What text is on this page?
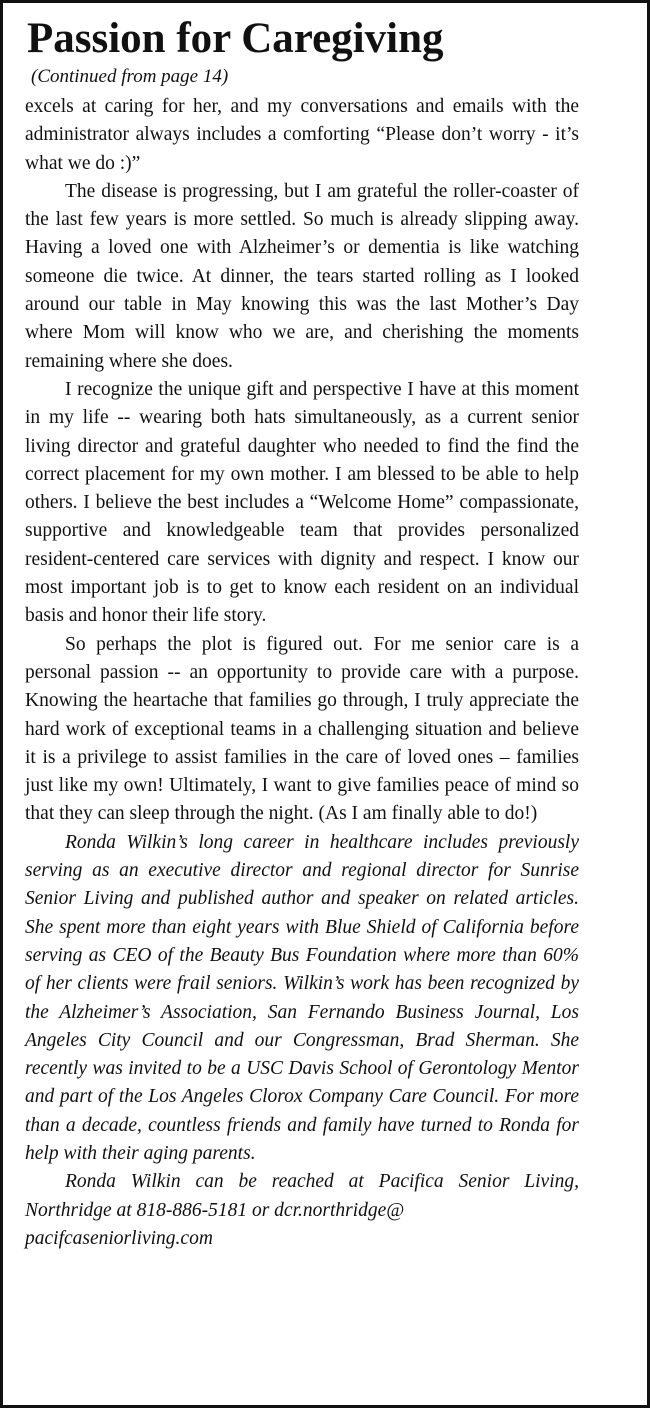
Passion for Caregiving
(Continued from page 14)

excels at caring for her, and my conversations and emails with the administrator always includes a comforting “Please don’t worry - it’s what we do :)”

The disease is progressing, but I am grateful the roller-coaster of the last few years is more settled. So much is already slipping away. Having a loved one with Alzheimer’s or dementia is like watching someone die twice. At dinner, the tears started rolling as I looked around our table in May knowing this was the last Mother’s Day where Mom will know who we are, and cherishing the moments remaining where she does.

I recognize the unique gift and perspective I have at this moment in my life -- wearing both hats simultaneously, as a current senior living director and grateful daughter who needed to find the find the correct placement for my own mother. I am blessed to be able to help others. I believe the best includes a “Welcome Home” compassionate, supportive and knowledgeable team that provides personalized resident-centered care services with dignity and respect. I know our most important job is to get to know each resident on an individual basis and honor their life story.

So perhaps the plot is figured out. For me senior care is a personal passion -- an opportunity to provide care with a purpose. Knowing the heartache that families go through, I truly appreciate the hard work of exceptional teams in a challenging situation and believe it is a privilege to assist families in the care of loved ones – families just like my own! Ultimately, I want to give families peace of mind so that they can sleep through the night. (As I am finally able to do!)

Ronda Wilkin’s long career in healthcare includes previously serving as an executive director and regional director for Sunrise Senior Living and published author and speaker on related articles. She spent more than eight years with Blue Shield of California before serving as CEO of the Beauty Bus Foundation where more than 60% of her clients were frail seniors. Wilkin’s work has been recognized by the Alzheimer’s Association, San Fernando Business Journal, Los Angeles City Council and our Congressman, Brad Sherman. She recently was invited to be a USC Davis School of Gerontology Mentor and part of the Los Angeles Clorox Company Care Council. For more than a decade, countless friends and family have turned to Ronda for help with their aging parents.

Ronda Wilkin can be reached at Pacifica Senior Living, Northridge at 818-886-5181 or dcr.northridge@

pacifcaseniorliving.com
